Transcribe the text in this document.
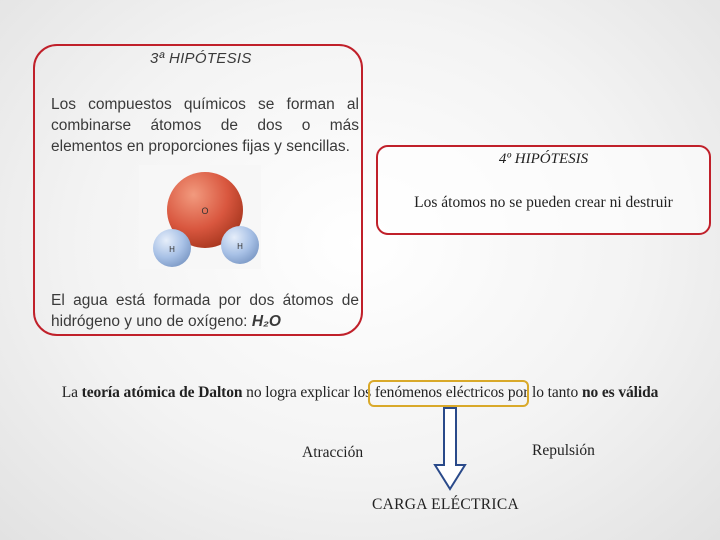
3ª HIPÓTESIS
Los compuestos químicos se forman al combinarse átomos de dos o más elementos en proporciones fijas y sencillas.
O
H	H
El agua está formada por dos átomos de hidrógeno y uno de oxígeno: H₂O
4º HIPÓTESIS
Los átomos no se pueden crear ni destruir
La teoría atómica de Dalton no logra explicar los fenómenos eléctricos por lo tanto no es válida
Atracción	Repulsión
CARGA ELÉCTRICA
